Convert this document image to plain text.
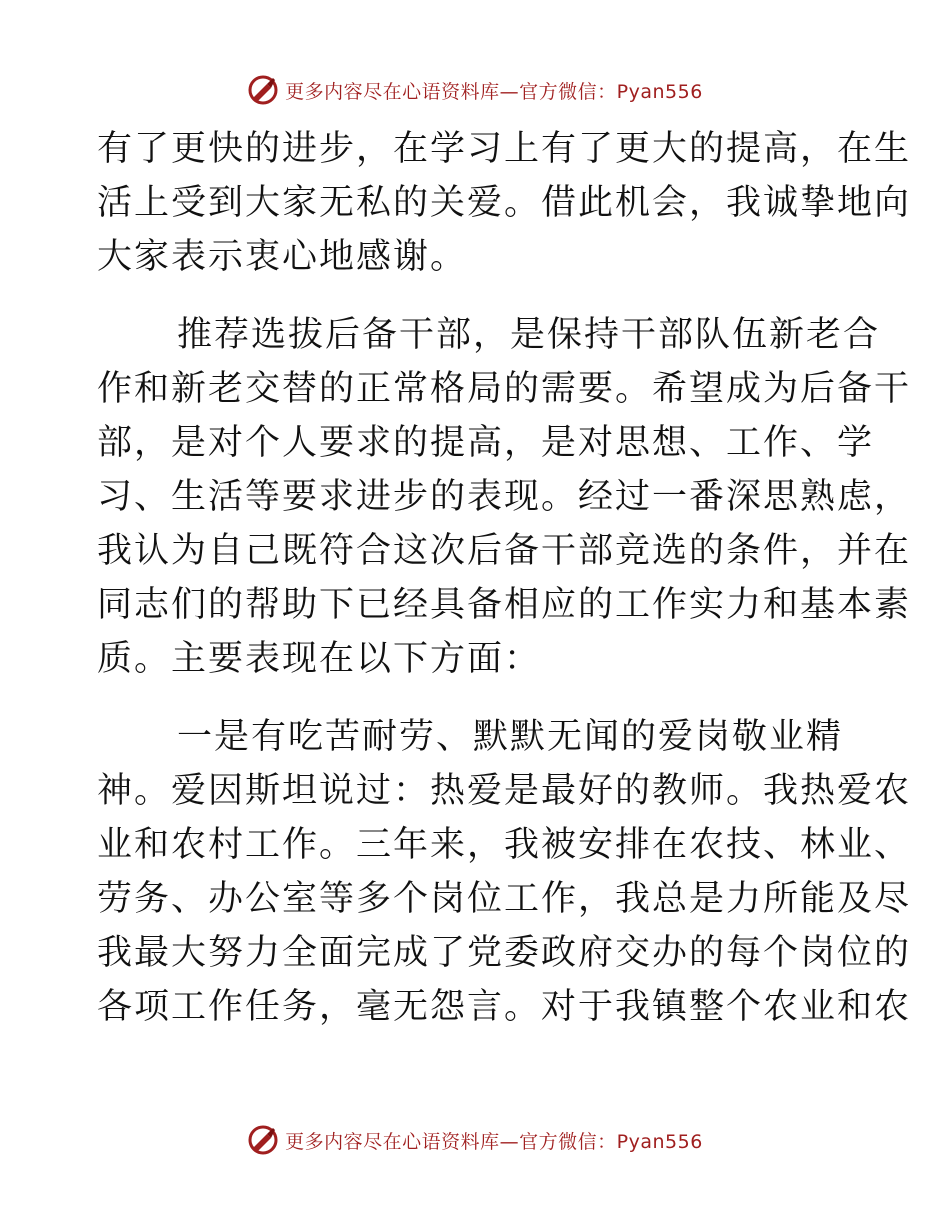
更多内容尽在心语资料库—官方微信：Pyan556
有了更快的进步，在学习上有了更大的提高，在生
活上受到大家无私的关爱。借此机会，我诚挚地向
大家表示衷心地感谢。
推荐选拔后备干部，是保持干部队伍新老合
作和新老交替的正常格局的需要。希望成为后备干
部，是对个人要求的提高，是对思想、工作、学
习、生活等要求进步的表现。经过一番深思熟虑，
我认为自己既符合这次后备干部竞选的条件，并在
同志们的帮助下已经具备相应的工作实力和基本素
质。主要表现在以下方面：
一是有吃苦耐劳、默默无闻的爱岗敬业精
神。爱因斯坦说过：热爱是最好的教师。我热爱农
业和农村工作。三年来，我被安排在农技、林业、
劳务、办公室等多个岗位工作，我总是力所能及尽
我最大努力全面完成了党委政府交办的每个岗位的
各项工作任务，毫无怨言。对于我镇整个农业和农
更多内容尽在心语资料库—官方微信：Pyan556
